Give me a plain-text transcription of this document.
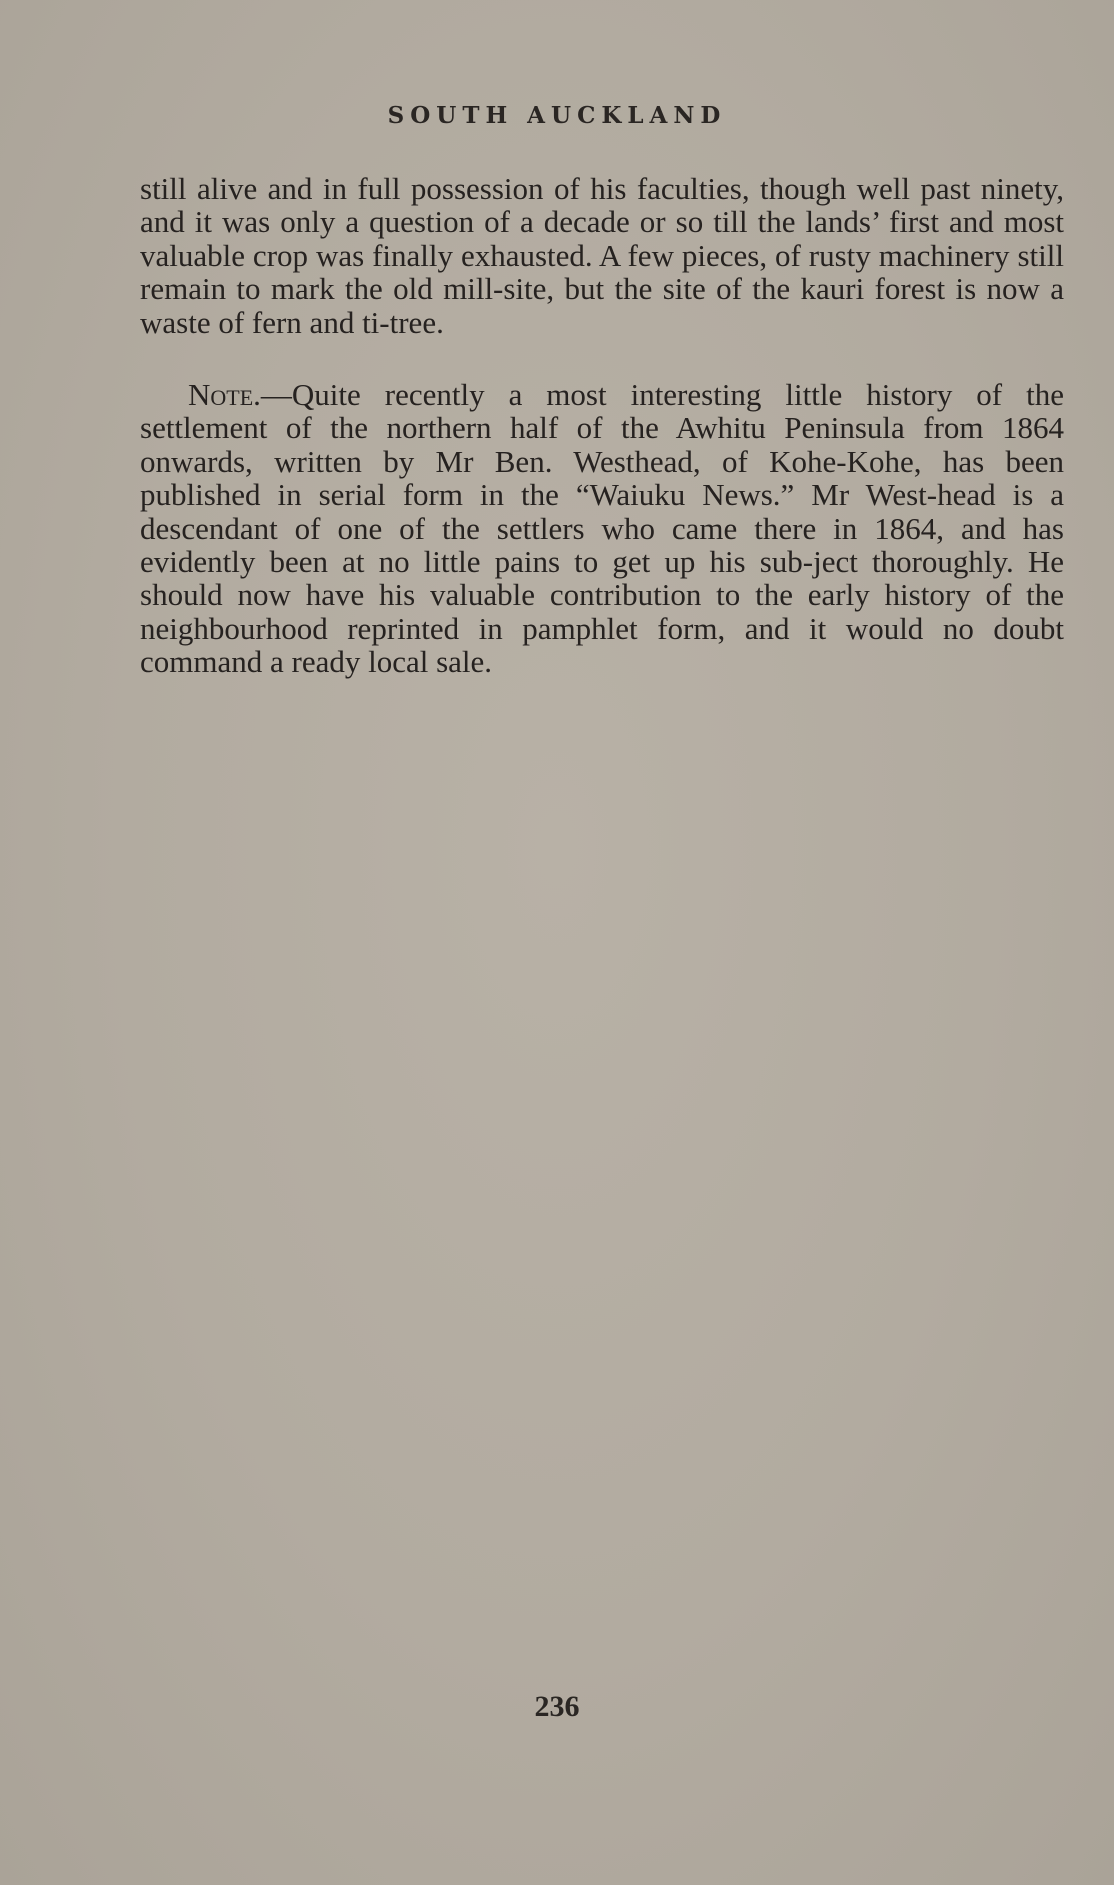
SOUTH AUCKLAND

still alive and in full possession of his faculties, though well past ninety, and it was only a question of a decade or so till the lands’ first and most valuable crop was finally exhausted. A few pieces, of rusty machinery still remain to mark the old mill-site, but the site of the kauri forest is now a waste of fern and ti-tree.

Note.—Quite recently a most interesting little history of the settlement of the northern half of the Awhitu Peninsula from 1864 onwards, written by Mr Ben. Westhead, of Kohe-Kohe, has been published in serial form in the “Waiuku News.” Mr West-head is a descendant of one of the settlers who came there in 1864, and has evidently been at no little pains to get up his sub-ject thoroughly. He should now have his valuable contribution to the early history of the neighbourhood reprinted in pamphlet form, and it would no doubt command a ready local sale.

236
